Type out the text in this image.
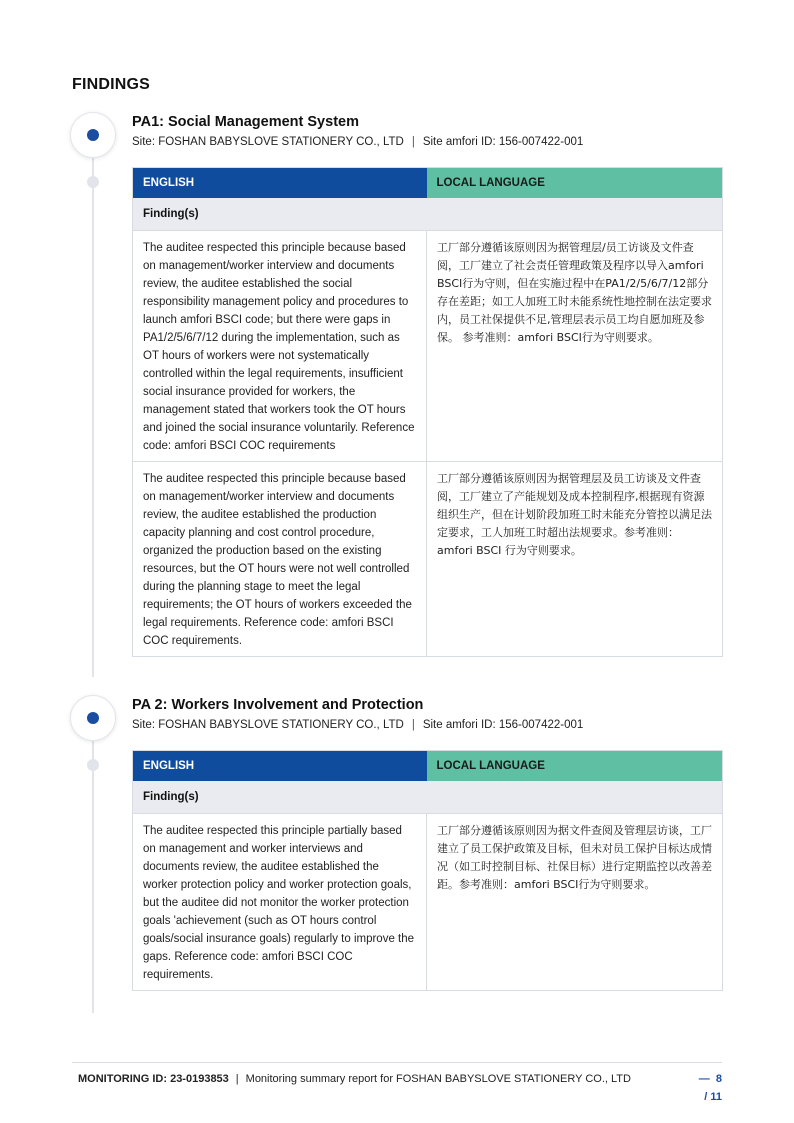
FINDINGS
PA1: Social Management System
Site: FOSHAN BABYSLOVE STATIONERY CO., LTD | Site amfori ID: 156-007422-001
ENGLISH	LOCAL LANGUAGE
Finding(s)	
The auditee respected this principle because based on management/worker interview and documents review, the auditee established the social responsibility management policy and procedures to launch amfori BSCI code; but there were gaps in PA1/2/5/6/7/12 during the implementation, such as OT hours of workers were not systematically controlled within the legal requirements, insufficient social insurance provided for workers, the management stated that workers took the OT hours and joined the social insurance voluntarily. Reference code: amfori BSCI COC requirements	工厂部分遵循该原则因为据管理层/员工访谈及文件查阅，工厂建立了社会责任管理政策及程序以导入amfori BSCI行为守则，但在实施过程中在PA1/2/5/6/7/12部分存在差距；如工人加班工时未能系统性地控制在法定要求内，员工社保提供不足,管理层表示员工均自愿加班及参保。 参考准则：amfori BSCI行为守则要求。
The auditee respected this principle because based on management/worker interview and documents review, the auditee established the production capacity planning and cost control procedure, organized the production based on the existing resources, but the OT hours were not well controlled during the planning stage to meet the legal requirements; the OT hours of workers exceeded the legal requirements. Reference code: amfori BSCI COC requirements.	工厂部分遵循该原则因为据管理层及员工访谈及文件查阅，工厂建立了产能规划及成本控制程序,根据现有资源组织生产，但在计划阶段加班工时未能充分管控以满足法定要求，工人加班工时超出法规要求。参考准则：amfori BSCI 行为守则要求。
PA 2: Workers Involvement and Protection
Site: FOSHAN BABYSLOVE STATIONERY CO., LTD | Site amfori ID: 156-007422-001
ENGLISH	LOCAL LANGUAGE
Finding(s)	
The auditee respected this principle partially based on management and worker interviews and documents review, the auditee established the worker protection policy and worker protection goals, but the auditee did not monitor the worker protection goals 'achievement (such as OT hours control goals/social insurance goals) regularly to improve the gaps. Reference code: amfori BSCI COC requirements.	工厂部分遵循该原则因为据文件查阅及管理层访谈，工厂建立了员工保护政策及目标，但未对员工保护目标达成情况（如工时控制目标、社保目标）进行定期监控以改善差距。参考准则：amfori BSCI行为守则要求。
MONITORING ID: 23-0193853 | Monitoring summary report for FOSHAN BABYSLOVE STATIONERY CO., LTD	— 8
/ 11
